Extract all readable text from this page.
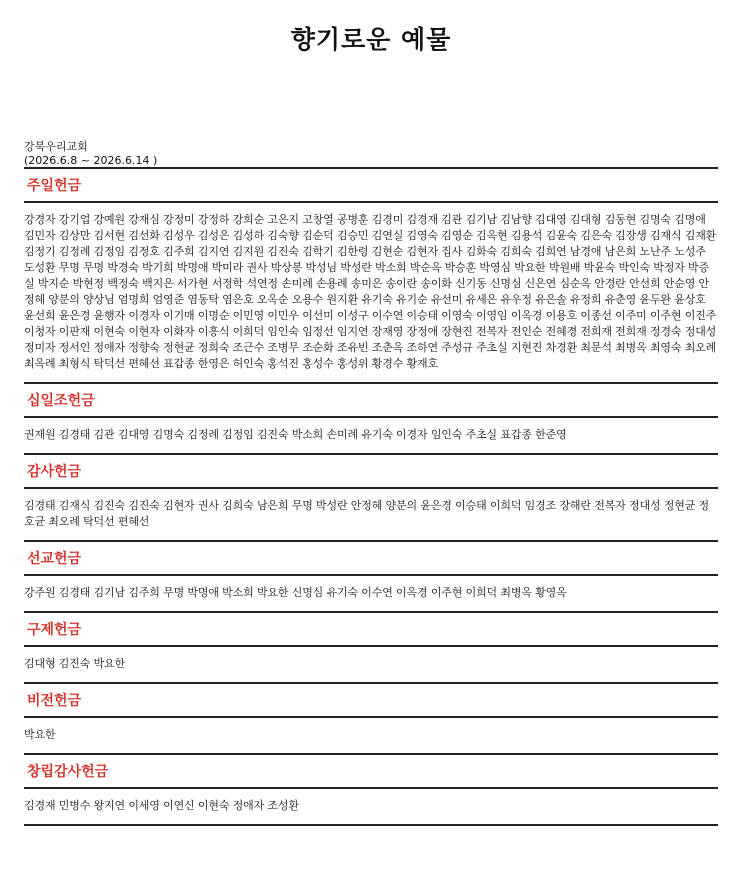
향기로운 예물
강북우리교회
(2026.6.8 ~ 2026.6.14 )
주일헌금
강경자 강기업 강예원 강재심 강정미 강정하 강희순 고은지 고창열 공병훈 김경미 김경재 김관 김기남 김남향 김대영 김대형 김동현 김명숙 김명애 김민자 김상만 김서현 김선화 김성우 김성은 김성하 김숙향 김순덕 김승민 김연실 김영숙 김영순 김옥현 김용석 김윤숙 김은숙 김장생 김재식 김재환 김정기 김정례 김정임 김정호 김주희 김지연 김지원 김진숙 김학기 김한령 김현순 김현자 집사 김화숙 김희숙 김희연 남경애 남은희 노난주 노성주 도성환 무명 무명 박경숙 박기희 박명애 박미라 권사 박상봉 박성님 박성란 박소희 박순옥 박승훈 박영심 박요한 박원배 박윤숙 박인숙 박정자 박증실 박지순 박현정 백정숙 백지은 서가현 서정학 석연정 손미례 손용례 송미은 송이란 송이화 신기동 신명심 신은연 심순옥 안경란 안선희 안순영 안정혜 양분의 양상님 엄명희 엄영준 염동탁 염은호 오옥순 오용수 원지환 유기숙 유기순 유선미 유세은 유우정 유은솔 유정희 유춘영 윤두완 윤상호 윤선희 윤은경 윤행자 이경자 이기매 이명순 이민영 이민우 이선미 이성구 이수연 이승태 이영숙 이영임 이옥경 이용호 이종선 이주미 이주현 이진주 이청자 이판재 이현숙 이현자 이화자 이흥식 이희덕 임인숙 임정선 임지연 장재영 장정애 장현진 전복자 전인순 전혜경 전희재 전희재 정경숙 정대성 정미자 정서인 정애자 정향숙 정현균 정희숙 조근수 조병무 조순화 조유빈 조춘옥 조하연 주성규 주초실 지현진 차경환 최문석 최병옥 최영숙 최오례 최옥례 최형식 탁덕선 편혜선 표갑종 한영은 허인숙 홍석진 홍성수 홍성위 황경수 황재호
십일조헌금
권재원 김경태 김관 김대영 김명숙 김정례 김정임 김진숙 박소희 손미례 유기숙 이경자 임인숙 주초실 표갑종 한준영
감사헌금
김경태 김재식 김진숙 김진숙 김현자 권사 김희숙 남은희 무명 박성란 안정혜 양분의 윤은경 이승태 이희덕 임경조 장해란 전복자 정대성 정현균 정호균 최오례 탁덕선 편혜선
선교헌금
강주원 김경태 김기남 김주희 무명 박명애 박소희 박요한 신명심 유기숙 이수연 이옥경 이주현 이희덕 최병옥 황영옥
구제헌금
김대형 김진숙 박요한
비전헌금
박요한
창립감사헌금
김경재 민병수 왕지연 이세영 이연신 이현숙 정애자 조성환
